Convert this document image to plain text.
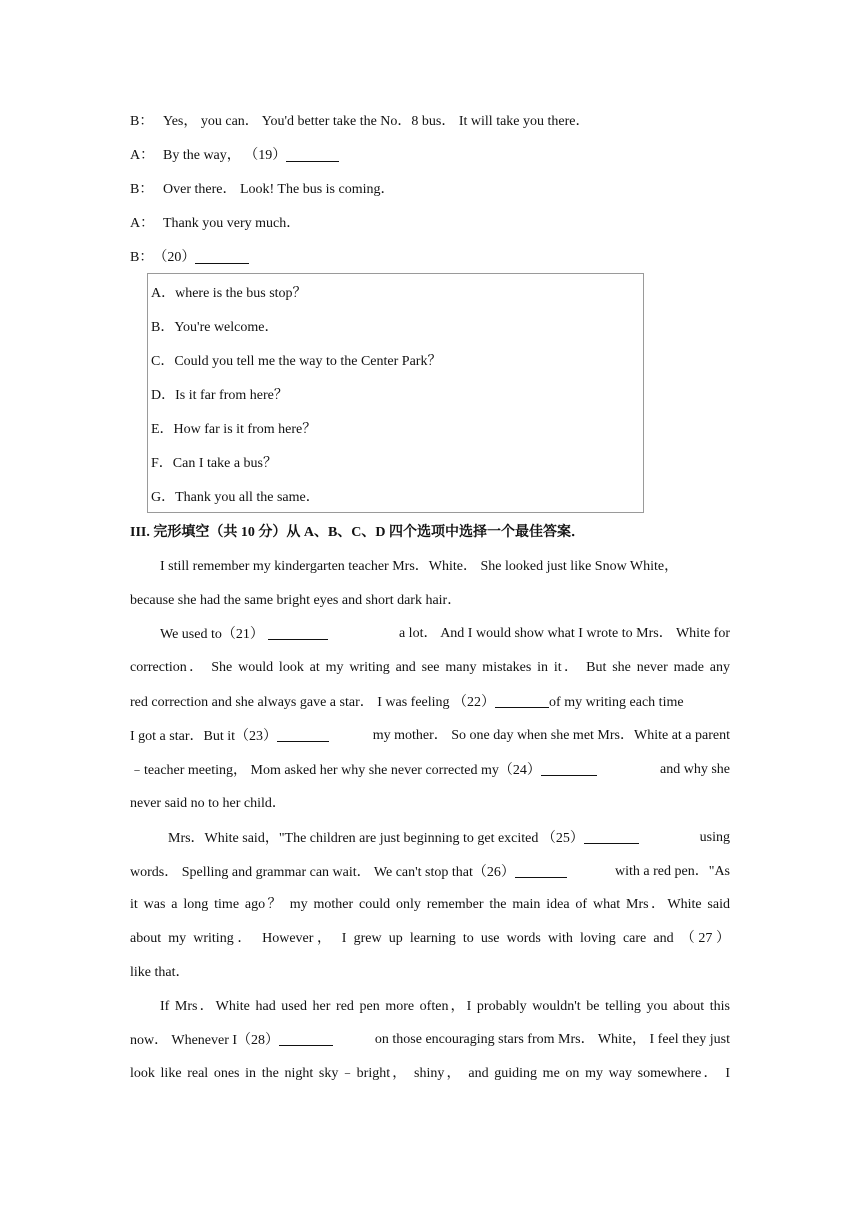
B： Yes， you can． You'd better take the No．8 bus． It will take you there．
A： By the way， （19）
B： Over there． Look! The bus is coming．
A： Thank you very much．
B： （20）
A．where is the bus stop？
B．You're welcome．
C．Could you tell me the way to the Center Park？
D．Is it far from here？
E．How far is it from here？
F．Can I take a bus？
G．Thank you all the same．
III. 完形填空（共 10 分）从 A、B、C、D 四个选项中选择一个最佳答案．
I still remember my kindergarten teacher Mrs．White． She looked just like Snow White，
because she had the same bright eyes and short dark hair．
We used to（21）	a lot． And I would show what I wrote to Mrs． White for
correction． She would look at my writing and see many mistakes in it． But she never made any
red correction and she always gave a star． I was feeling （22）	of my writing each time
I got a star．But it（23）	my mother． So one day when she met Mrs．White at a parent
﹣teacher meeting， Mom asked her why she never corrected my（24）	and why she
never said no to her child．
Mrs．White said，"The children are just beginning to get excited （25）	using
words． Spelling and grammar can wait． We can't stop that（26）	with a red pen．"As
it was a long time ago？ my mother could only remember the main idea of what Mrs．White said
about my writing． However， I grew up learning to use words with loving care and （27）
like that．
If Mrs．White had used her red pen more often，I probably wouldn't be telling you about this
now． Whenever I（28）	on those encouraging stars from Mrs． White， I feel they just
look like real ones in the night sky﹣bright， shiny， and guiding me on my way somewhere． I
